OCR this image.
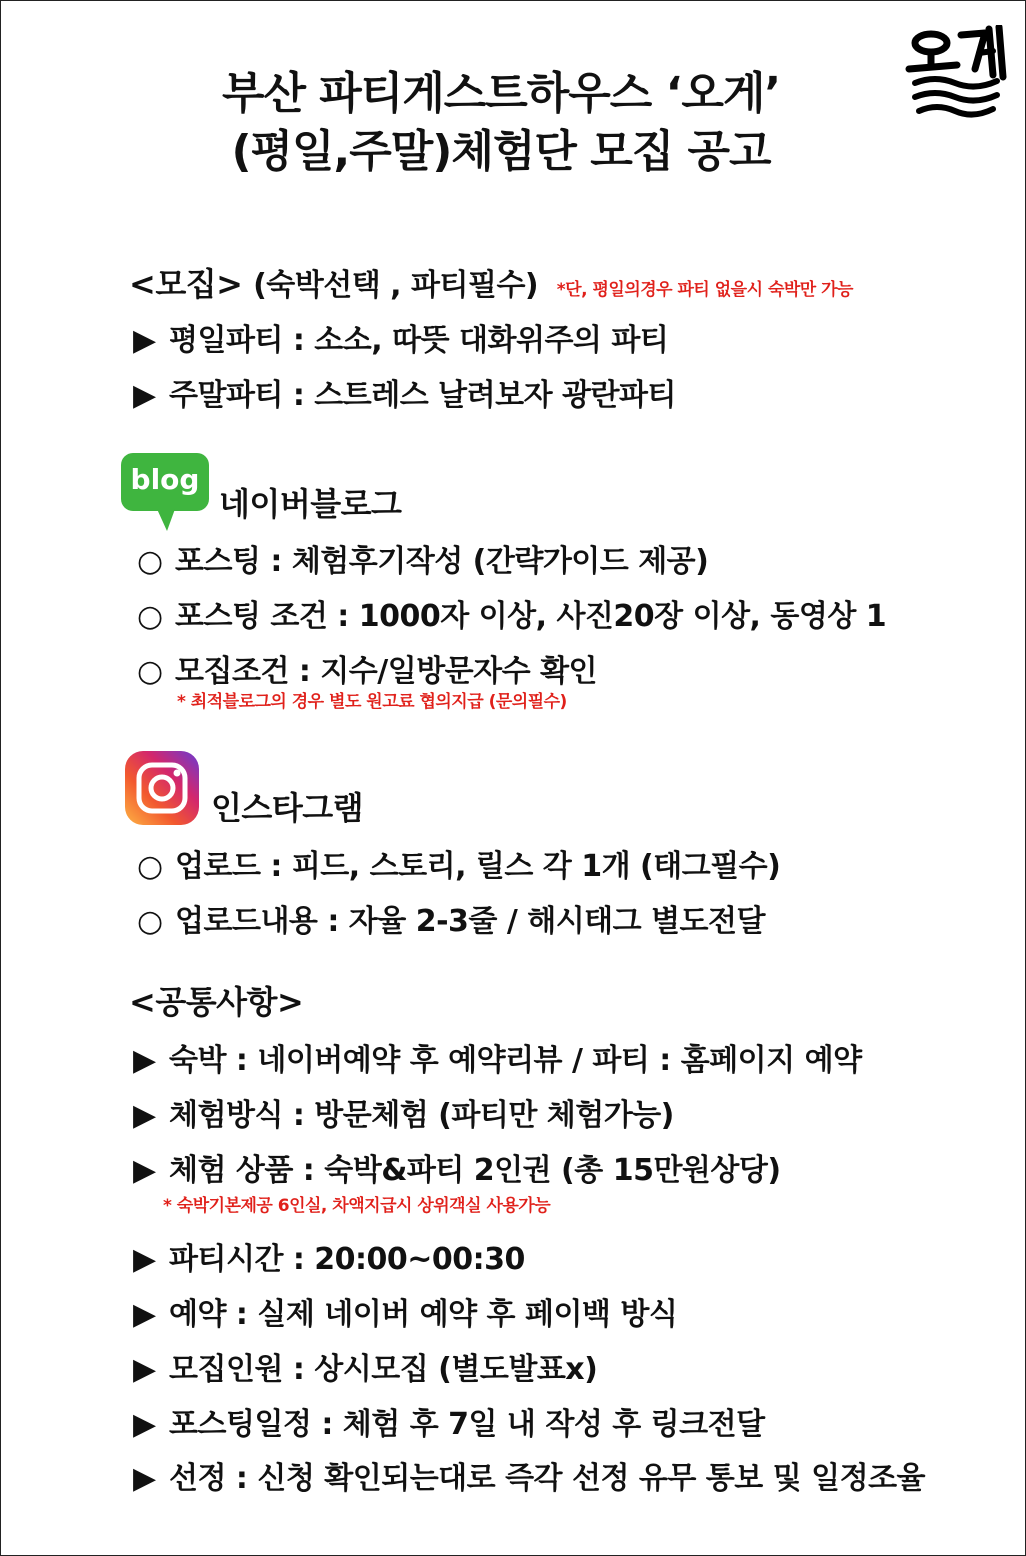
부산 파티게스트하우스 ‘오게’
(평일,주말)체험단 모집 공고
<모집> (숙박선택 , 파티필수) *단, 평일의경우 파티 없을시 숙박만 가능
▶ 평일파티 : 소소, 따뜻 대화위주의 파티
▶ 주말파티 : 스트레스 날려보자 광란파티
blog
네이버블로그
○ 포스팅 : 체험후기작성 (간략가이드 제공)
○ 포스팅 조건 : 1000자 이상, 사진20장 이상, 동영상 1
○ 모집조건 : 지수/일방문자수 확인
* 최적블로그의 경우 별도 원고료 협의지급 (문의필수)
인스타그램
○ 업로드 : 피드, 스토리, 릴스 각 1개 (태그필수)
○ 업로드내용 : 자율 2-3줄 / 해시태그 별도전달
<공통사항>
▶ 숙박 : 네이버예약 후 예약리뷰 / 파티 : 홈페이지 예약
▶ 체험방식 : 방문체험 (파티만 체험가능)
▶ 체험 상품 : 숙박&파티 2인권 (총 15만원상당)
* 숙박기본제공 6인실, 차액지급시 상위객실 사용가능
▶ 파티시간 : 20:00~00:30
▶ 예약 : 실제 네이버 예약 후 페이백 방식
▶ 모집인원 : 상시모집 (별도발표x)
▶ 포스팅일정 : 체험 후 7일 내 작성 후 링크전달
▶ 선정 : 신청 확인되는대로 즉각 선정 유무 통보 및 일정조율
